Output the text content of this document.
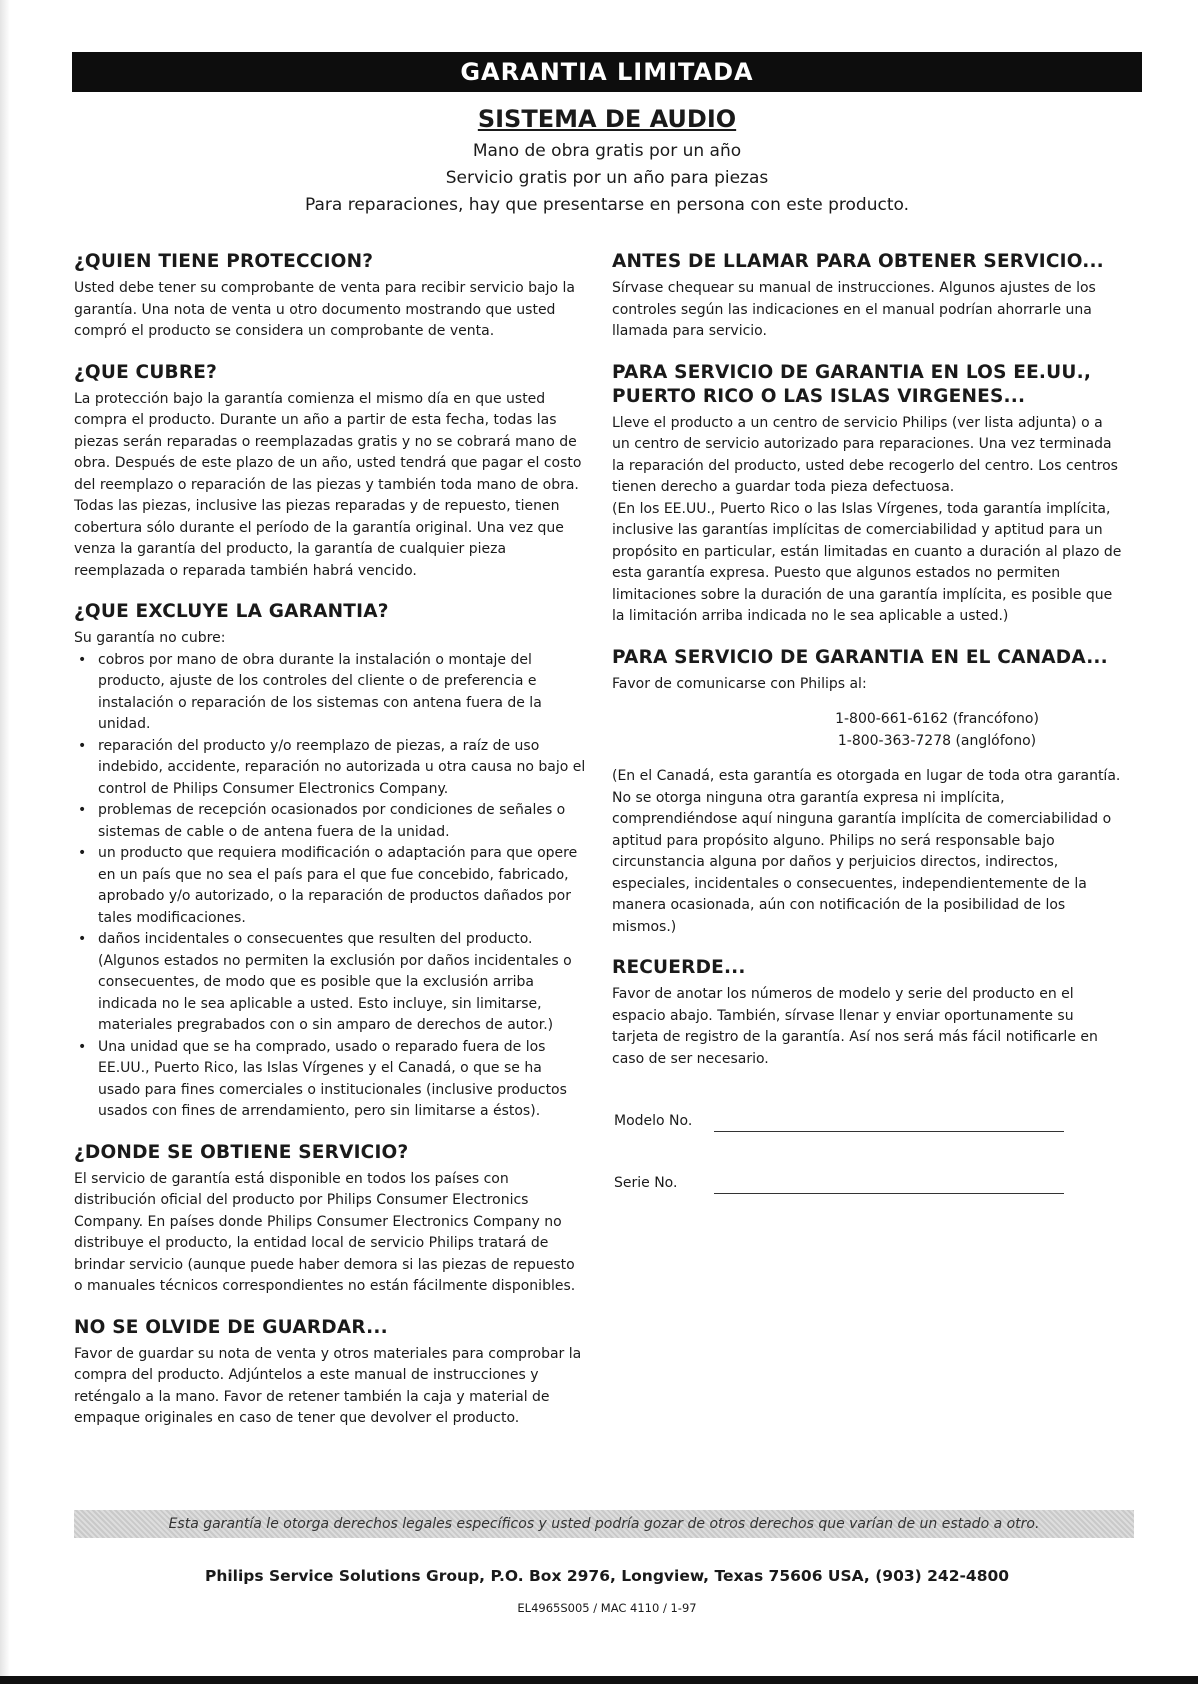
GARANTIA LIMITADA

SISTEMA DE AUDIO

Mano de obra gratis por un año

Servicio gratis por un año para piezas

Para reparaciones, hay que presentarse en persona con este producto.

¿QUIEN TIENE PROTECCION?

Usted debe tener su comprobante de venta para recibir servicio bajo la garantía. Una nota de venta u otro documento mostrando que usted compró el producto se considera un comprobante de venta.

¿QUE CUBRE?

La protección bajo la garantía comienza el mismo día en que usted compra el producto. Durante un año a partir de esta fecha, todas las piezas serán reparadas o reemplazadas gratis y no se cobrará mano de obra. Después de este plazo de un año, usted tendrá que pagar el costo del reemplazo o reparación de las piezas y también toda mano de obra.

Todas las piezas, inclusive las piezas reparadas y de repuesto, tienen cobertura sólo durante el período de la garantía original. Una vez que venza la garantía del producto, la garantía de cualquier pieza reemplazada o reparada también habrá vencido.

¿QUE EXCLUYE LA GARANTIA?

Su garantía no cubre:

• cobros por mano de obra durante la instalación o montaje del producto, ajuste de los controles del cliente o de preferencia e instalación o reparación de los sistemas con antena fuera de la unidad.
• reparación del producto y/o reemplazo de piezas, a raíz de uso indebido, accidente, reparación no autorizada u otra causa no bajo el control de Philips Consumer Electronics Company.
• problemas de recepción ocasionados por condiciones de señales o sistemas de cable o de antena fuera de la unidad.
• un producto que requiera modificación o adaptación para que opere en un país que no sea el país para el que fue concebido, fabricado, aprobado y/o autorizado, o la reparación de productos dañados por tales modificaciones.
• daños incidentales o consecuentes que resulten del producto. (Algunos estados no permiten la exclusión por daños incidentales o consecuentes, de modo que es posible que la exclusión arriba indicada no le sea aplicable a usted. Esto incluye, sin limitarse, materiales pregrabados con o sin amparo de derechos de autor.)
• Una unidad que se ha comprado, usado o reparado fuera de los EE.UU., Puerto Rico, las Islas Vírgenes y el Canadá, o que se ha usado para fines comerciales o institucionales (inclusive productos usados con fines de arrendamiento, pero sin limitarse a éstos).

¿DONDE SE OBTIENE SERVICIO?

El servicio de garantía está disponible en todos los países con distribución oficial del producto por Philips Consumer Electronics Company. En países donde Philips Consumer Electronics Company no distribuye el producto, la entidad local de servicio Philips tratará de brindar servicio (aunque puede haber demora si las piezas de repuesto o manuales técnicos correspondientes no están fácilmente disponibles.

NO SE OLVIDE DE GUARDAR...

Favor de guardar su nota de venta y otros materiales para comprobar la compra del producto. Adjúntelos a este manual de instrucciones y reténgalo a la mano. Favor de retener también la caja y material de empaque originales en caso de tener que devolver el producto.

ANTES DE LLAMAR PARA OBTENER SERVICIO...

Sírvase chequear su manual de instrucciones. Algunos ajustes de los controles según las indicaciones en el manual podrían ahorrarle una llamada para servicio.

PARA SERVICIO DE GARANTIA EN LOS EE.UU., PUERTO RICO O LAS ISLAS VIRGENES...

Lleve el producto a un centro de servicio Philips (ver lista adjunta) o a un centro de servicio autorizado para reparaciones. Una vez terminada la reparación del producto, usted debe recogerlo del centro. Los centros tienen derecho a guardar toda pieza defectuosa.

(En los EE.UU., Puerto Rico o las Islas Vírgenes, toda garantía implícita, inclusive las garantías implícitas de comerciabilidad y aptitud para un propósito en particular, están limitadas en cuanto a duración al plazo de esta garantía expresa. Puesto que algunos estados no permiten limitaciones sobre la duración de una garantía implícita, es posible que la limitación arriba indicada no le sea aplicable a usted.)

PARA SERVICIO DE GARANTIA EN EL CANADA...

Favor de comunicarse con Philips al:

1-800-661-6162 (francófono)
1-800-363-7278 (anglófono)

(En el Canadá, esta garantía es otorgada en lugar de toda otra garantía. No se otorga ninguna otra garantía expresa ni implícita, comprendiéndose aquí ninguna garantía implícita de comerciabilidad o aptitud para propósito alguno. Philips no será responsable bajo circunstancia alguna por daños y perjuicios directos, indirectos, especiales, incidentales o consecuentes, independientemente de la manera ocasionada, aún con notificación de la posibilidad de los mismos.)

RECUERDE...

Favor de anotar los números de modelo y serie del producto en el espacio abajo. También, sírvase llenar y enviar oportunamente su tarjeta de registro de la garantía. Así nos será más fácil notificarle en caso de ser necesario.

Modelo No.
Serie No.
Esta garantía le otorga derechos legales específicos y usted podría gozar de otros derechos que varían de un estado a otro.
Philips Service Solutions Group, P.O. Box 2976, Longview, Texas 75606 USA, (903) 242-4800
EL4965S005 / MAC 4110 / 1-97
